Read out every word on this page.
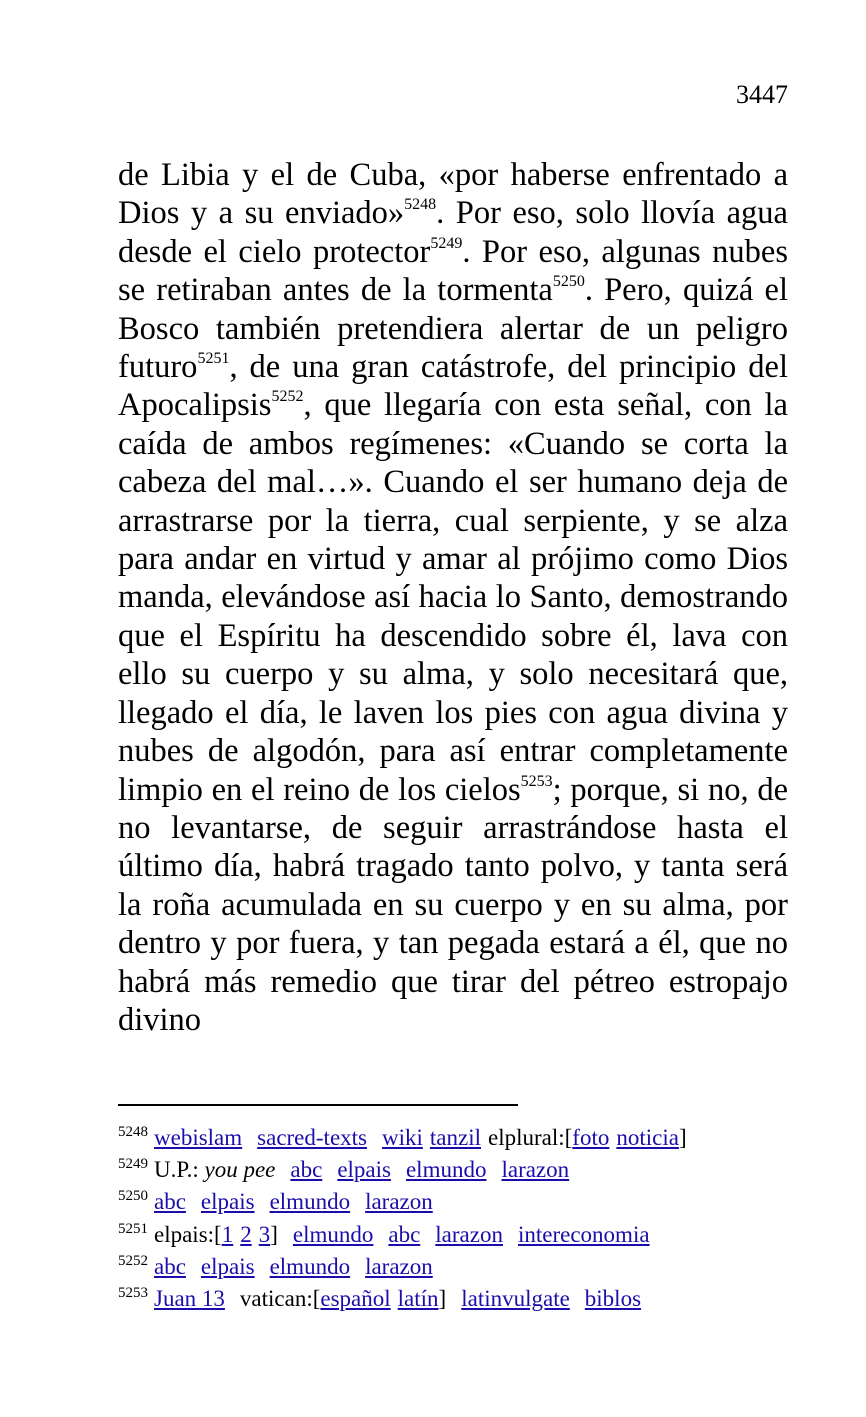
3447
de Libia y el de Cuba, «por haberse enfrentado a Dios y a su enviado»$^{5248}$. Por eso, solo llovía agua desde el cielo protector$^{5249}$. Por eso, algunas nubes se retiraban antes de la tormenta$^{5250}$. Pero, quizá el Bosco también pretendiera alertar de un peligro futuro$^{5251}$, de una gran catástrofe, del principio del Apocalipsis$^{5252}$, que llegaría con esta señal, con la caída de ambos regímenes: «Cuando se corta la cabeza del mal…». Cuando el ser humano deja de arrastrarse por la tierra, cual serpiente, y se alza para andar en virtud y amar al prójimo como Dios manda, elevándose así hacia lo Santo, demostrando que el Espíritu ha descendido sobre él, lava con ello su cuerpo y su alma, y solo necesitará que, llegado el día, le laven los pies con agua divina y nubes de algodón, para así entrar completamente limpio en el reino de los cielos$^{5253}$; porque, si no, de no levantarse, de seguir arrastrándose hasta el último día, habrá tragado tanto polvo, y tanta será la roña acumulada en su cuerpo y en su alma, por dentro y por fuera, y tan pegada estará a él, que no habrá más remedio que tirar del pétreo estropajo divino
$^{5248}$ webislam sacred-texts wiki tanzil elplural:[foto noticia]
$^{5249}$ U.P.: you pee abc elpais elmundo larazon
$^{5250}$ abc elpais elmundo larazon
$^{5251}$ elpais:[1 2 3] elmundo abc larazon intereconomia
$^{5252}$ abc elpais elmundo larazon
$^{5253}$ Juan 13 vatican:[español latín] latinvulgate biblos
